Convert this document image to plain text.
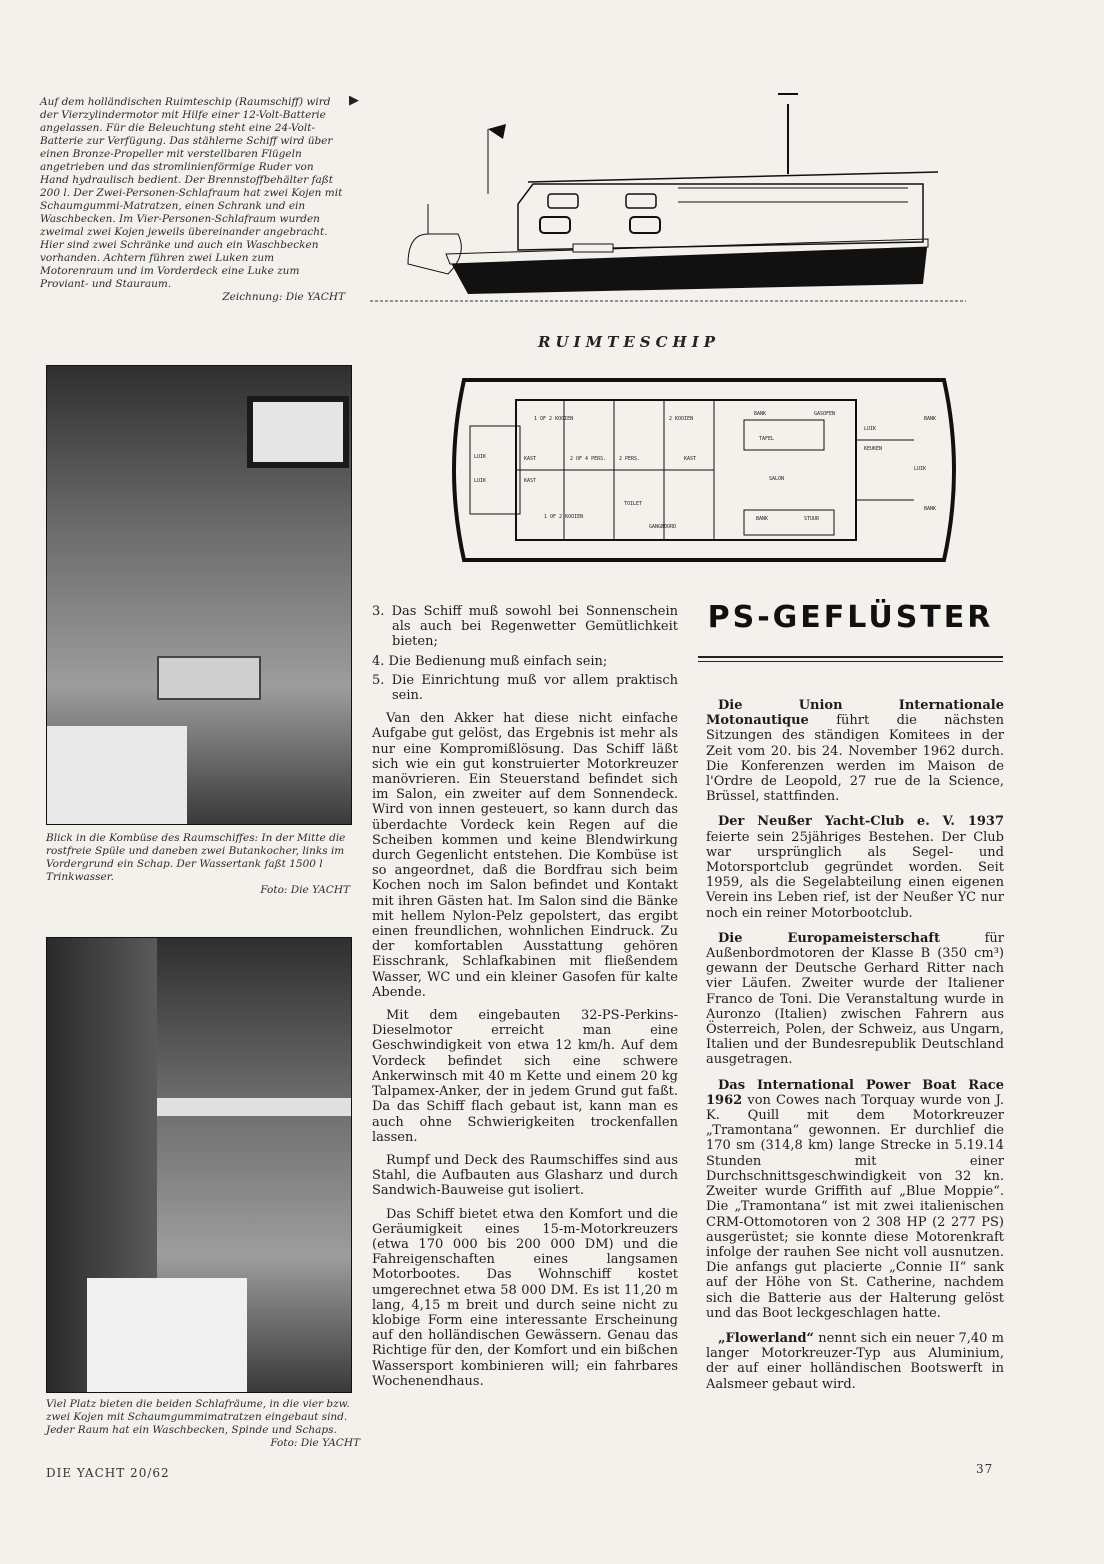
Auf dem holländischen Ruimteschip (Raumschiff) wird der Vierzylindermotor mit Hilfe einer 12-Volt-Batterie angelassen. Für die Beleuchtung steht eine 24-Volt-Batterie zur Verfügung. Das stählerne Schiff wird über einen Bronze-Propeller mit verstellbaren Flügeln angetrieben und das stromlinienförmige Ruder von Hand hydraulisch bedient. Der Brennstoffbehälter faßt 200 l. Der Zwei-Personen-Schlafraum hat zwei Kojen mit Schaumgummi-Matratzen, einen Schrank und ein Waschbecken. Im Vier-Personen-Schlafraum wurden zweimal zwei Kojen jeweils übereinander angebracht. Hier sind zwei Schränke und auch ein Waschbecken vorhanden. Achtern führen zwei Luken zum Motorenraum und im Vorderdeck eine Luke zum Proviant- und Stauraum.
Zeichnung: Die YACHT
▶
RUIMTESCHIP
1 OF 2 KOOIEN
LUIK
LUIK
KAST
KAST
2 OF 4 PERS.
2 KOOIEN
2 PERS.	KAST
1 OF 2 KOOIEN
TOILET
GANGBOORD
BANK
TAFEL
SALON
BANK	STUUR
GASOFEN
LUIK
KEUKEN
BANK
BANK
LUIK
Blick in die Kombüse des Raumschiffes: In der Mitte die rostfreie Spüle und daneben zwei Butankocher, links im Vordergrund ein Schap. Der Wassertank faßt 1500 l Trinkwasser.
Foto: Die YACHT
Viel Platz bieten die beiden Schlafräume, in die vier bzw. zwei Kojen mit Schaumgummimatratzen eingebaut sind. Jeder Raum hat ein Waschbecken, Spinde und Schaps.
Foto: Die YACHT
3. Das Schiff muß sowohl bei Sonnenschein als auch bei Regenwetter Gemütlichkeit bieten;
4. Die Bedienung muß einfach sein;
5. Die Einrichtung muß vor allem praktisch sein.

Van den Akker hat diese nicht einfache Aufgabe gut gelöst, das Ergebnis ist mehr als nur eine Kompromißlösung. Das Schiff läßt sich wie ein gut konstruierter Motorkreuzer manövrieren. Ein Steuerstand befindet sich im Salon, ein zweiter auf dem Sonnendeck. Wird von innen gesteuert, so kann durch das überdachte Vordeck kein Regen auf die Scheiben kommen und keine Blendwirkung durch Gegenlicht entstehen. Die Kombüse ist so angeordnet, daß die Bordfrau sich beim Kochen noch im Salon befindet und Kontakt mit ihren Gästen hat. Im Salon sind die Bänke mit hellem Nylon-Pelz gepolstert, das ergibt einen freundlichen, wohnlichen Eindruck. Zu der komfortablen Ausstattung gehören Eisschrank, Schlafkabinen mit fließendem Wasser, WC und ein kleiner Gasofen für kalte Abende.

Mit dem eingebauten 32-PS-Perkins-Dieselmotor erreicht man eine Geschwindigkeit von etwa 12 km/h. Auf dem Vordeck befindet sich eine schwere Ankerwinsch mit 40 m Kette und einem 20 kg Talpamex-Anker, der in jedem Grund gut faßt. Da das Schiff flach gebaut ist, kann man es auch ohne Schwierigkeiten trockenfallen lassen.

Rumpf und Deck des Raumschiffes sind aus Stahl, die Aufbauten aus Glasharz und durch Sandwich-Bauweise gut isoliert.

Das Schiff bietet etwa den Komfort und die Geräumigkeit eines 15-m-Motorkreuzers (etwa 170 000 bis 200 000 DM) und die Fahreigenschaften eines langsamen Motorbootes. Das Wohnschiff kostet umgerechnet etwa 58 000 DM. Es ist 11,20 m lang, 4,15 m breit und durch seine nicht zu klobige Form eine interessante Erscheinung auf den holländischen Gewässern. Genau das Richtige für den, der Komfort und ein bißchen Wassersport kombinieren will; ein fahrbares Wochenendhaus.

PS-GEFLÜSTER

Die Union Internationale Motonautique führt die nächsten Sitzungen des ständigen Komitees in der Zeit vom 20. bis 24. November 1962 durch. Die Konferenzen werden im Maison de l'Ordre de Leopold, 27 rue de la Science, Brüssel, stattfinden.

Der Neußer Yacht-Club e. V. 1937 feierte sein 25jähriges Bestehen. Der Club war ursprünglich als Segel- und Motorsportclub gegründet worden. Seit 1959, als die Segelabteilung einen eigenen Verein ins Leben rief, ist der Neußer YC nur noch ein reiner Motorbootclub.

Die Europameisterschaft für Außenbordmotoren der Klasse B (350 cm³) gewann der Deutsche Gerhard Ritter nach vier Läufen. Zweiter wurde der Italiener Franco de Toni. Die Veranstaltung wurde in Auronzo (Italien) zwischen Fahrern aus Österreich, Polen, der Schweiz, aus Ungarn, Italien und der Bundesrepublik Deutschland ausgetragen.

Das International Power Boat Race 1962 von Cowes nach Torquay wurde von J. K. Quill mit dem Motorkreuzer „Tramontana“ gewonnen. Er durchlief die 170 sm (314,8 km) lange Strecke in 5.19.14 Stunden mit einer Durchschnittsgeschwindigkeit von 32 kn. Zweiter wurde Griffith auf „Blue Moppie“. Die „Tramontana“ ist mit zwei italienischen CRM-Ottomotoren von 2 308 HP (2 277 PS) ausgerüstet; sie konnte diese Motorenkraft infolge der rauhen See nicht voll ausnutzen. Die anfangs gut placierte „Connie II“ sank auf der Höhe von St. Catherine, nachdem sich die Batterie aus der Halterung gelöst und das Boot leckgeschlagen hatte.

„Flowerland“ nennt sich ein neuer 7,40 m langer Motorkreuzer-Typ aus Aluminium, der auf einer holländischen Bootswerft in Aalsmeer gebaut wird.

DIE YACHT 20/62	37
